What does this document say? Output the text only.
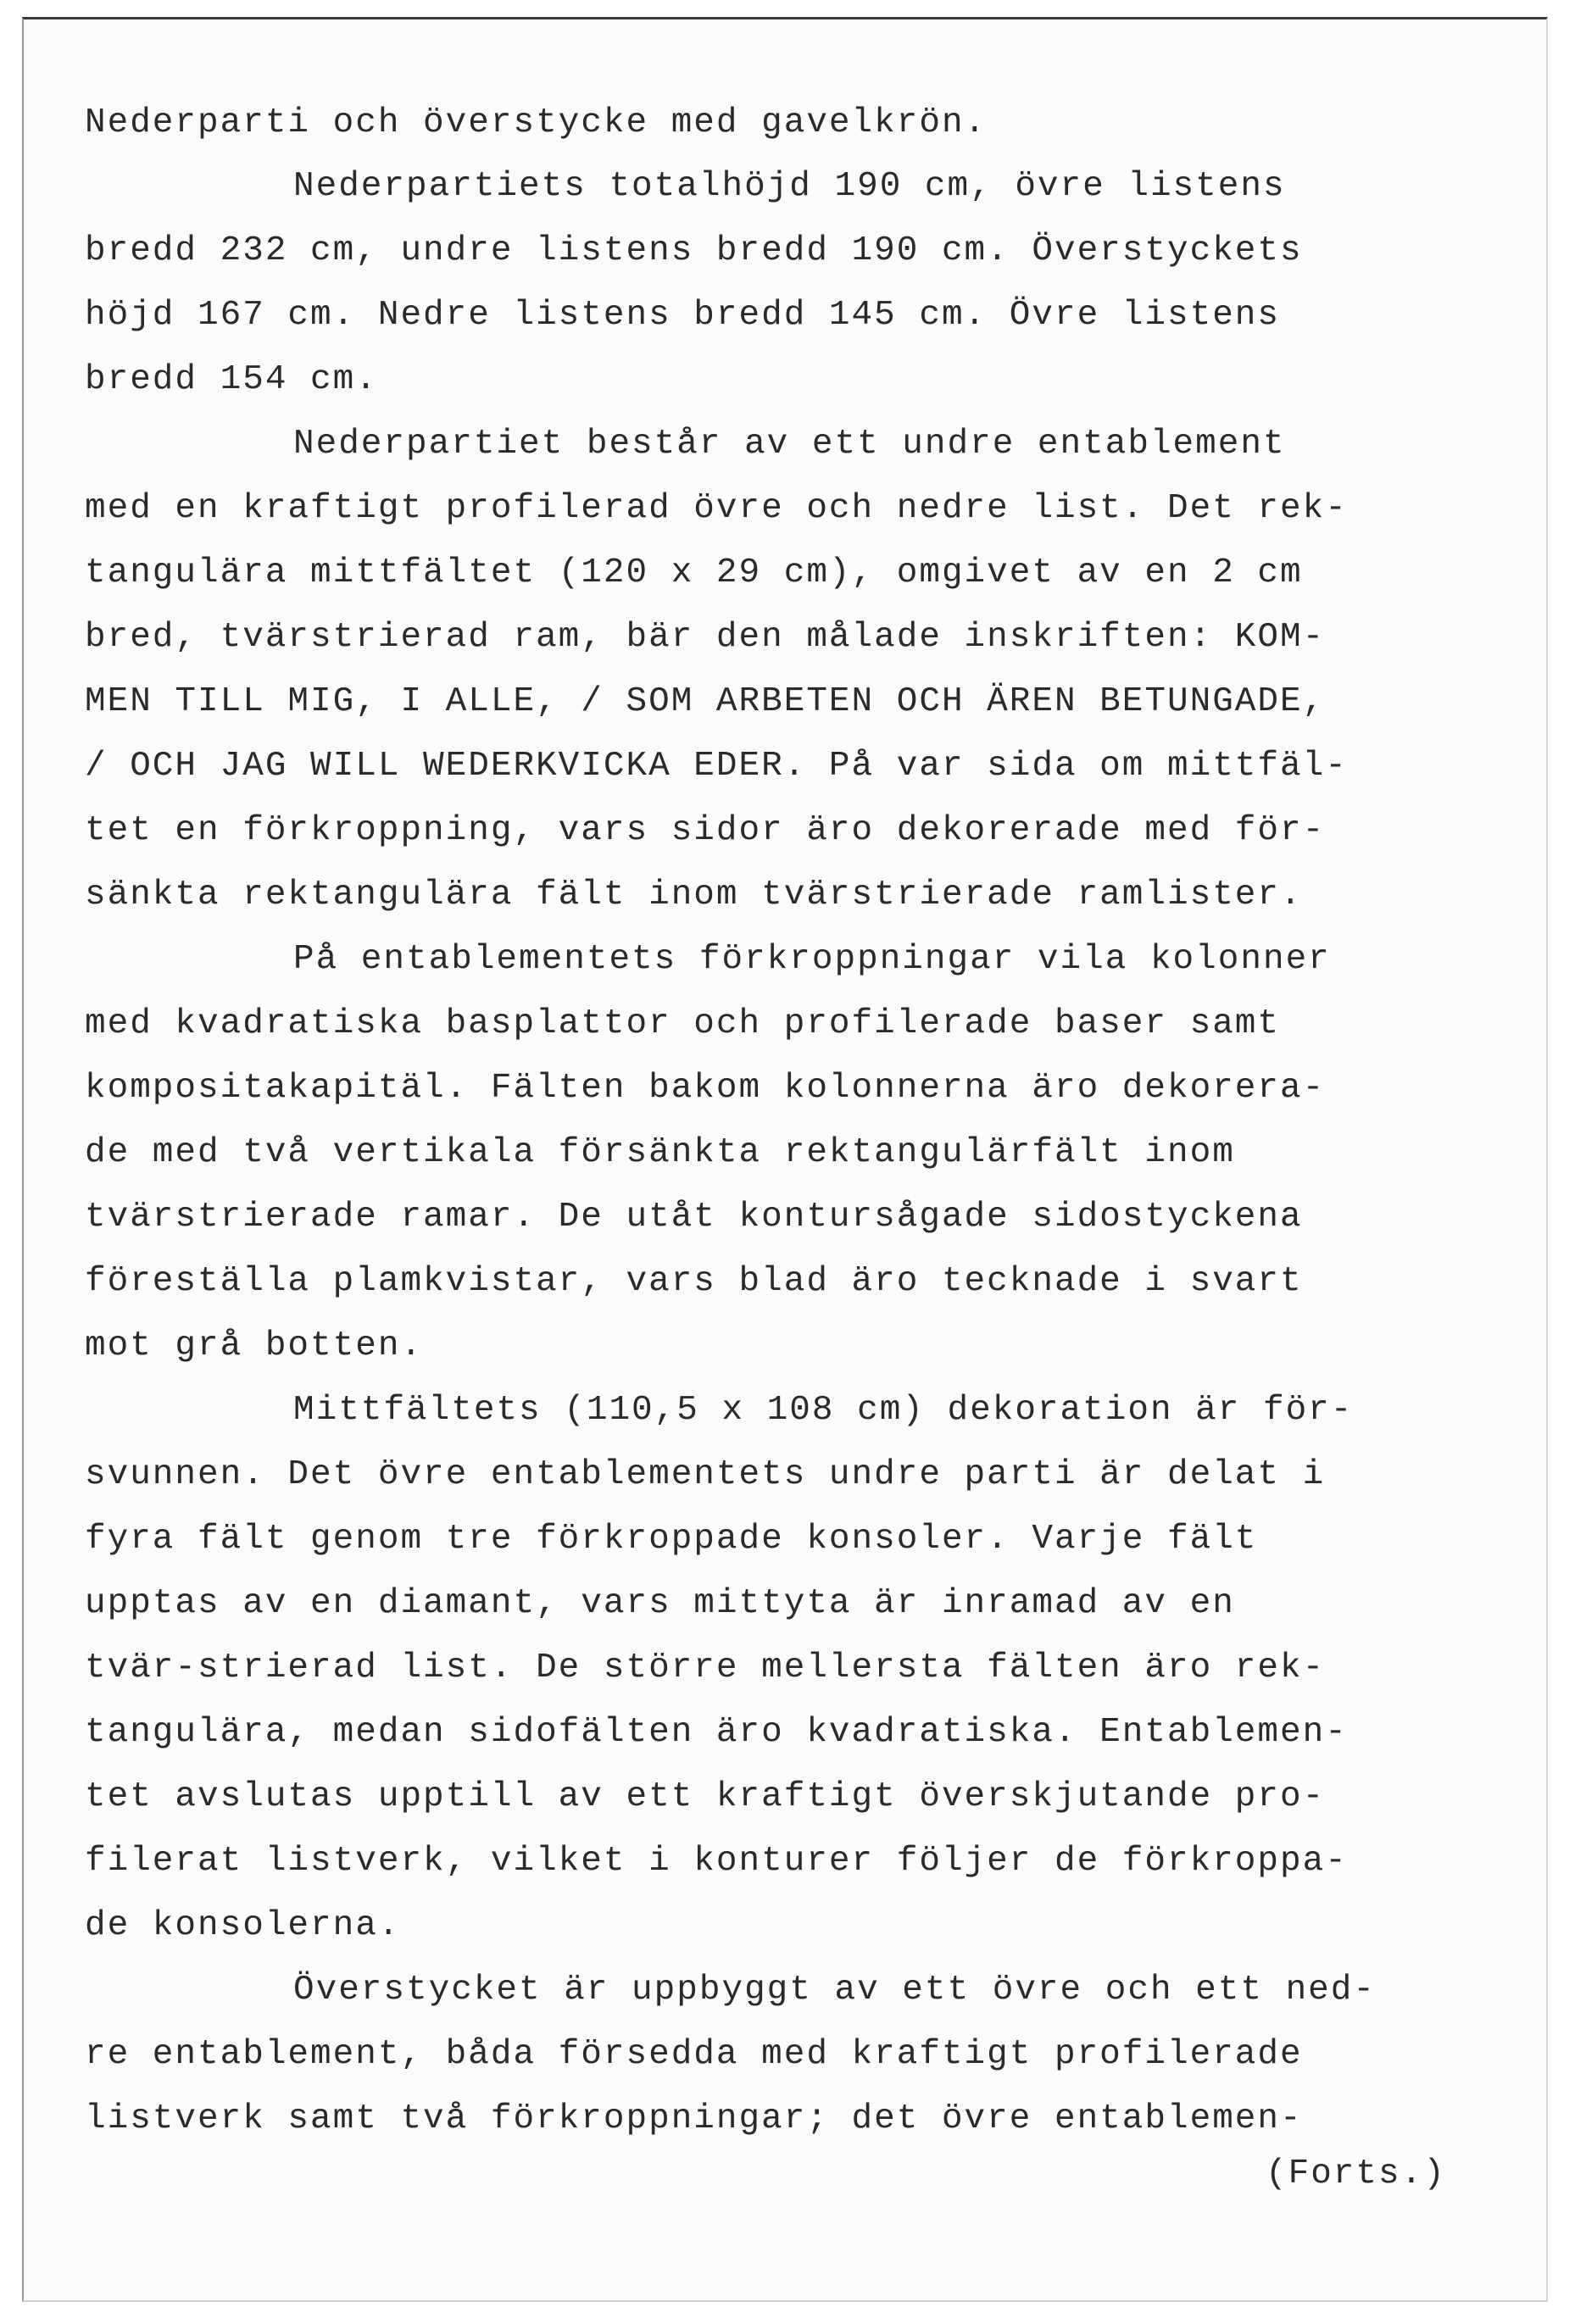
Nederparti och överstycke med gavelkrön.
Nederpartiets totalhöjd 190 cm, övre listens
bredd 232 cm, undre listens bredd 190 cm. Överstyckets
höjd 167 cm. Nedre listens bredd 145 cm. Övre listens
bredd 154 cm.
Nederpartiet består av ett undre entablement
med en kraftigt profilerad övre och nedre list. Det rek-
tangulära mittfältet (120 x 29 cm), omgivet av en 2 cm
bred, tvärstrierad ram, bär den målade inskriften: KOM-
MEN TILL MIG, I ALLE, / SOM ARBETEN OCH ÄREN BETUNGADE,
/ OCH JAG WILL WEDERKVICKA EDER. På var sida om mittfäl-
tet en förkroppning, vars sidor äro dekorerade med för-
sänkta rektangulära fält inom tvärstrierade ramlister.
På entablementets förkroppningar vila kolonner
med kvadratiska basplattor och profilerade baser samt
kompositakapitäl. Fälten bakom kolonnerna äro dekorera-
de med två vertikala försänkta rektangulärfält inom
tvärstrierade ramar. De utåt kontursågade sidostyckena
föreställa plamkvistar, vars blad äro tecknade i svart
mot grå botten.
Mittfältets (110,5 x 108 cm) dekoration är för-
svunnen. Det övre entablementets undre parti är delat i
fyra fält genom tre förkroppade konsoler. Varje fält
upptas av en diamant, vars mittyta är inramad av en
tvär-strierad list. De större mellersta fälten äro rek-
tangulära, medan sidofälten äro kvadratiska. Entablemen-
tet avslutas upptill av ett kraftigt överskjutande pro-
filerat listverk, vilket i konturer följer de förkroppa-
de konsolerna.
Överstycket är uppbyggt av ett övre och ett ned-
re entablement, båda försedda med kraftigt profilerade
listverk samt två förkroppningar; det övre entablemen-
(Forts.)
